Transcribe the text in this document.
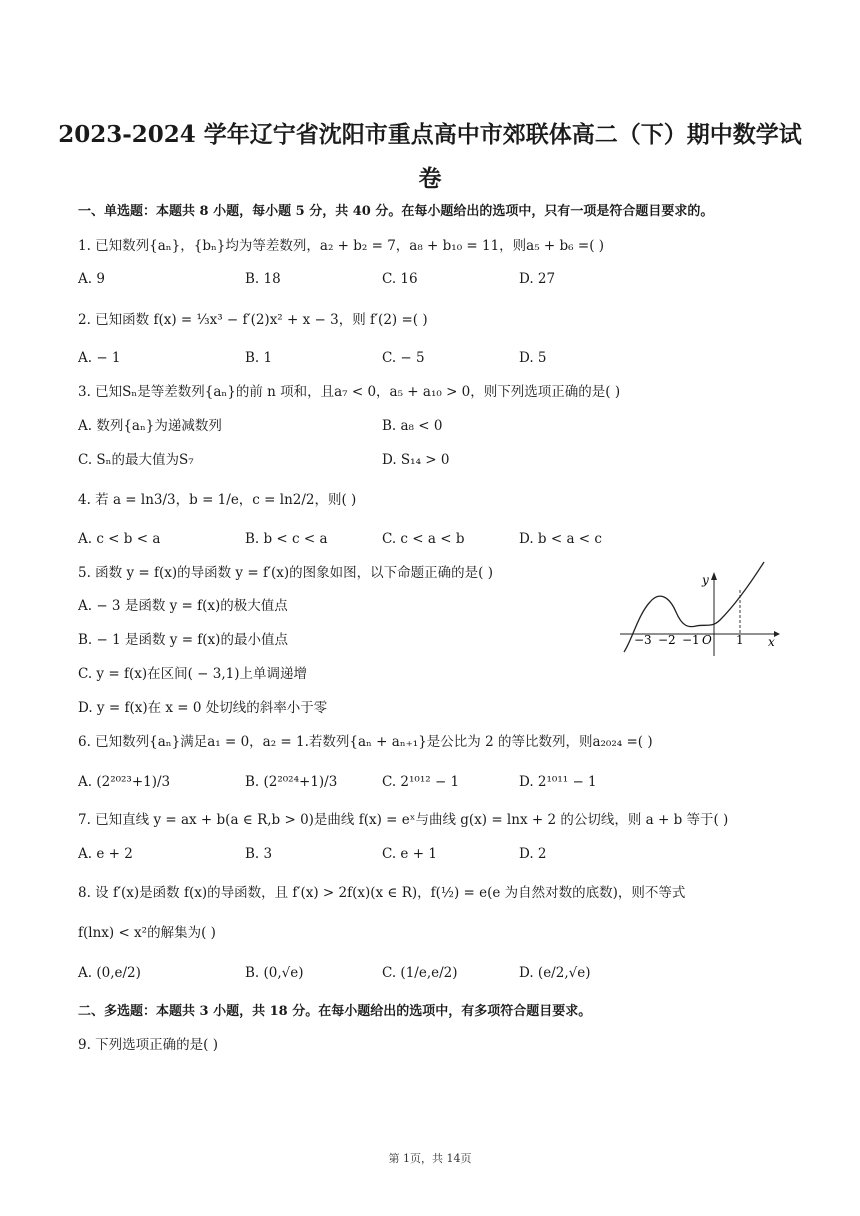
2023-2024 学年辽宁省沈阳市重点高中市郊联体高二（下）期中数学试
卷
一、单选题：本题共 8 小题，每小题 5 分，共 40 分。在每小题给出的选项中，只有一项是符合题目要求的。
1. 已知数列{aₙ}，{bₙ}均为等差数列，a₂ + b₂ = 7，a₈ + b₁₀ = 11，则a₅ + b₆ =( )
A. 9	B. 18	C. 16	D. 27
2. 已知函数 f(x) = ⅓x³ − f′(2)x² + x − 3，则 f′(2) =( )
A. − 1	B. 1	C. − 5	D. 5
3. 已知Sₙ是等差数列{aₙ}的前 n 项和，且a₇ < 0，a₅ + a₁₀ > 0，则下列选项正确的是( )
A. 数列{aₙ}为递减数列	B. a₈ < 0
C. Sₙ的最大值为S₇	D. S₁₄ > 0
4. 若 a = ln3/3，b = 1/e，c = ln2/2，则( )
A. c < b < a	B. b < c < a	C. c < a < b	D. b < a < c
5. 函数 y = f(x)的导函数 y = f′(x)的图象如图，以下命题正确的是( )
A. − 3 是函数 y = f(x)的极大值点
B. − 1 是函数 y = f(x)的最小值点
C. y = f(x)在区间( − 3,1)上单调递增
D. y = f(x)在 x = 0 处切线的斜率小于零
−3 −2 −1 O 1 x
y
6. 已知数列{aₙ}满足a₁ = 0，a₂ = 1.若数列{aₙ + aₙ₊₁}是公比为 2 的等比数列，则a₂₀₂₄ =( )
A. (2²⁰²³+1)/3	B. (2²⁰²⁴+1)/3	C. 2¹⁰¹² − 1	D. 2¹⁰¹¹ − 1
7. 已知直线 y = ax + b(a ∈ R,b > 0)是曲线 f(x) = eˣ与曲线 g(x) = lnx + 2 的公切线，则 a + b 等于( )
A. e + 2	B. 3	C. e + 1	D. 2
8. 设 f′(x)是函数 f(x)的导函数，且 f′(x) > 2f(x)(x ∈ R)，f(½) = e(e 为自然对数的底数)，则不等式
f(lnx) < x²的解集为( )
A. (0,e/2)	B. (0,√e)	C. (1/e,e/2)	D. (e/2,√e)
二、多选题：本题共 3 小题，共 18 分。在每小题给出的选项中，有多项符合题目要求。
9. 下列选项正确的是( )
第 1页，共 14页
